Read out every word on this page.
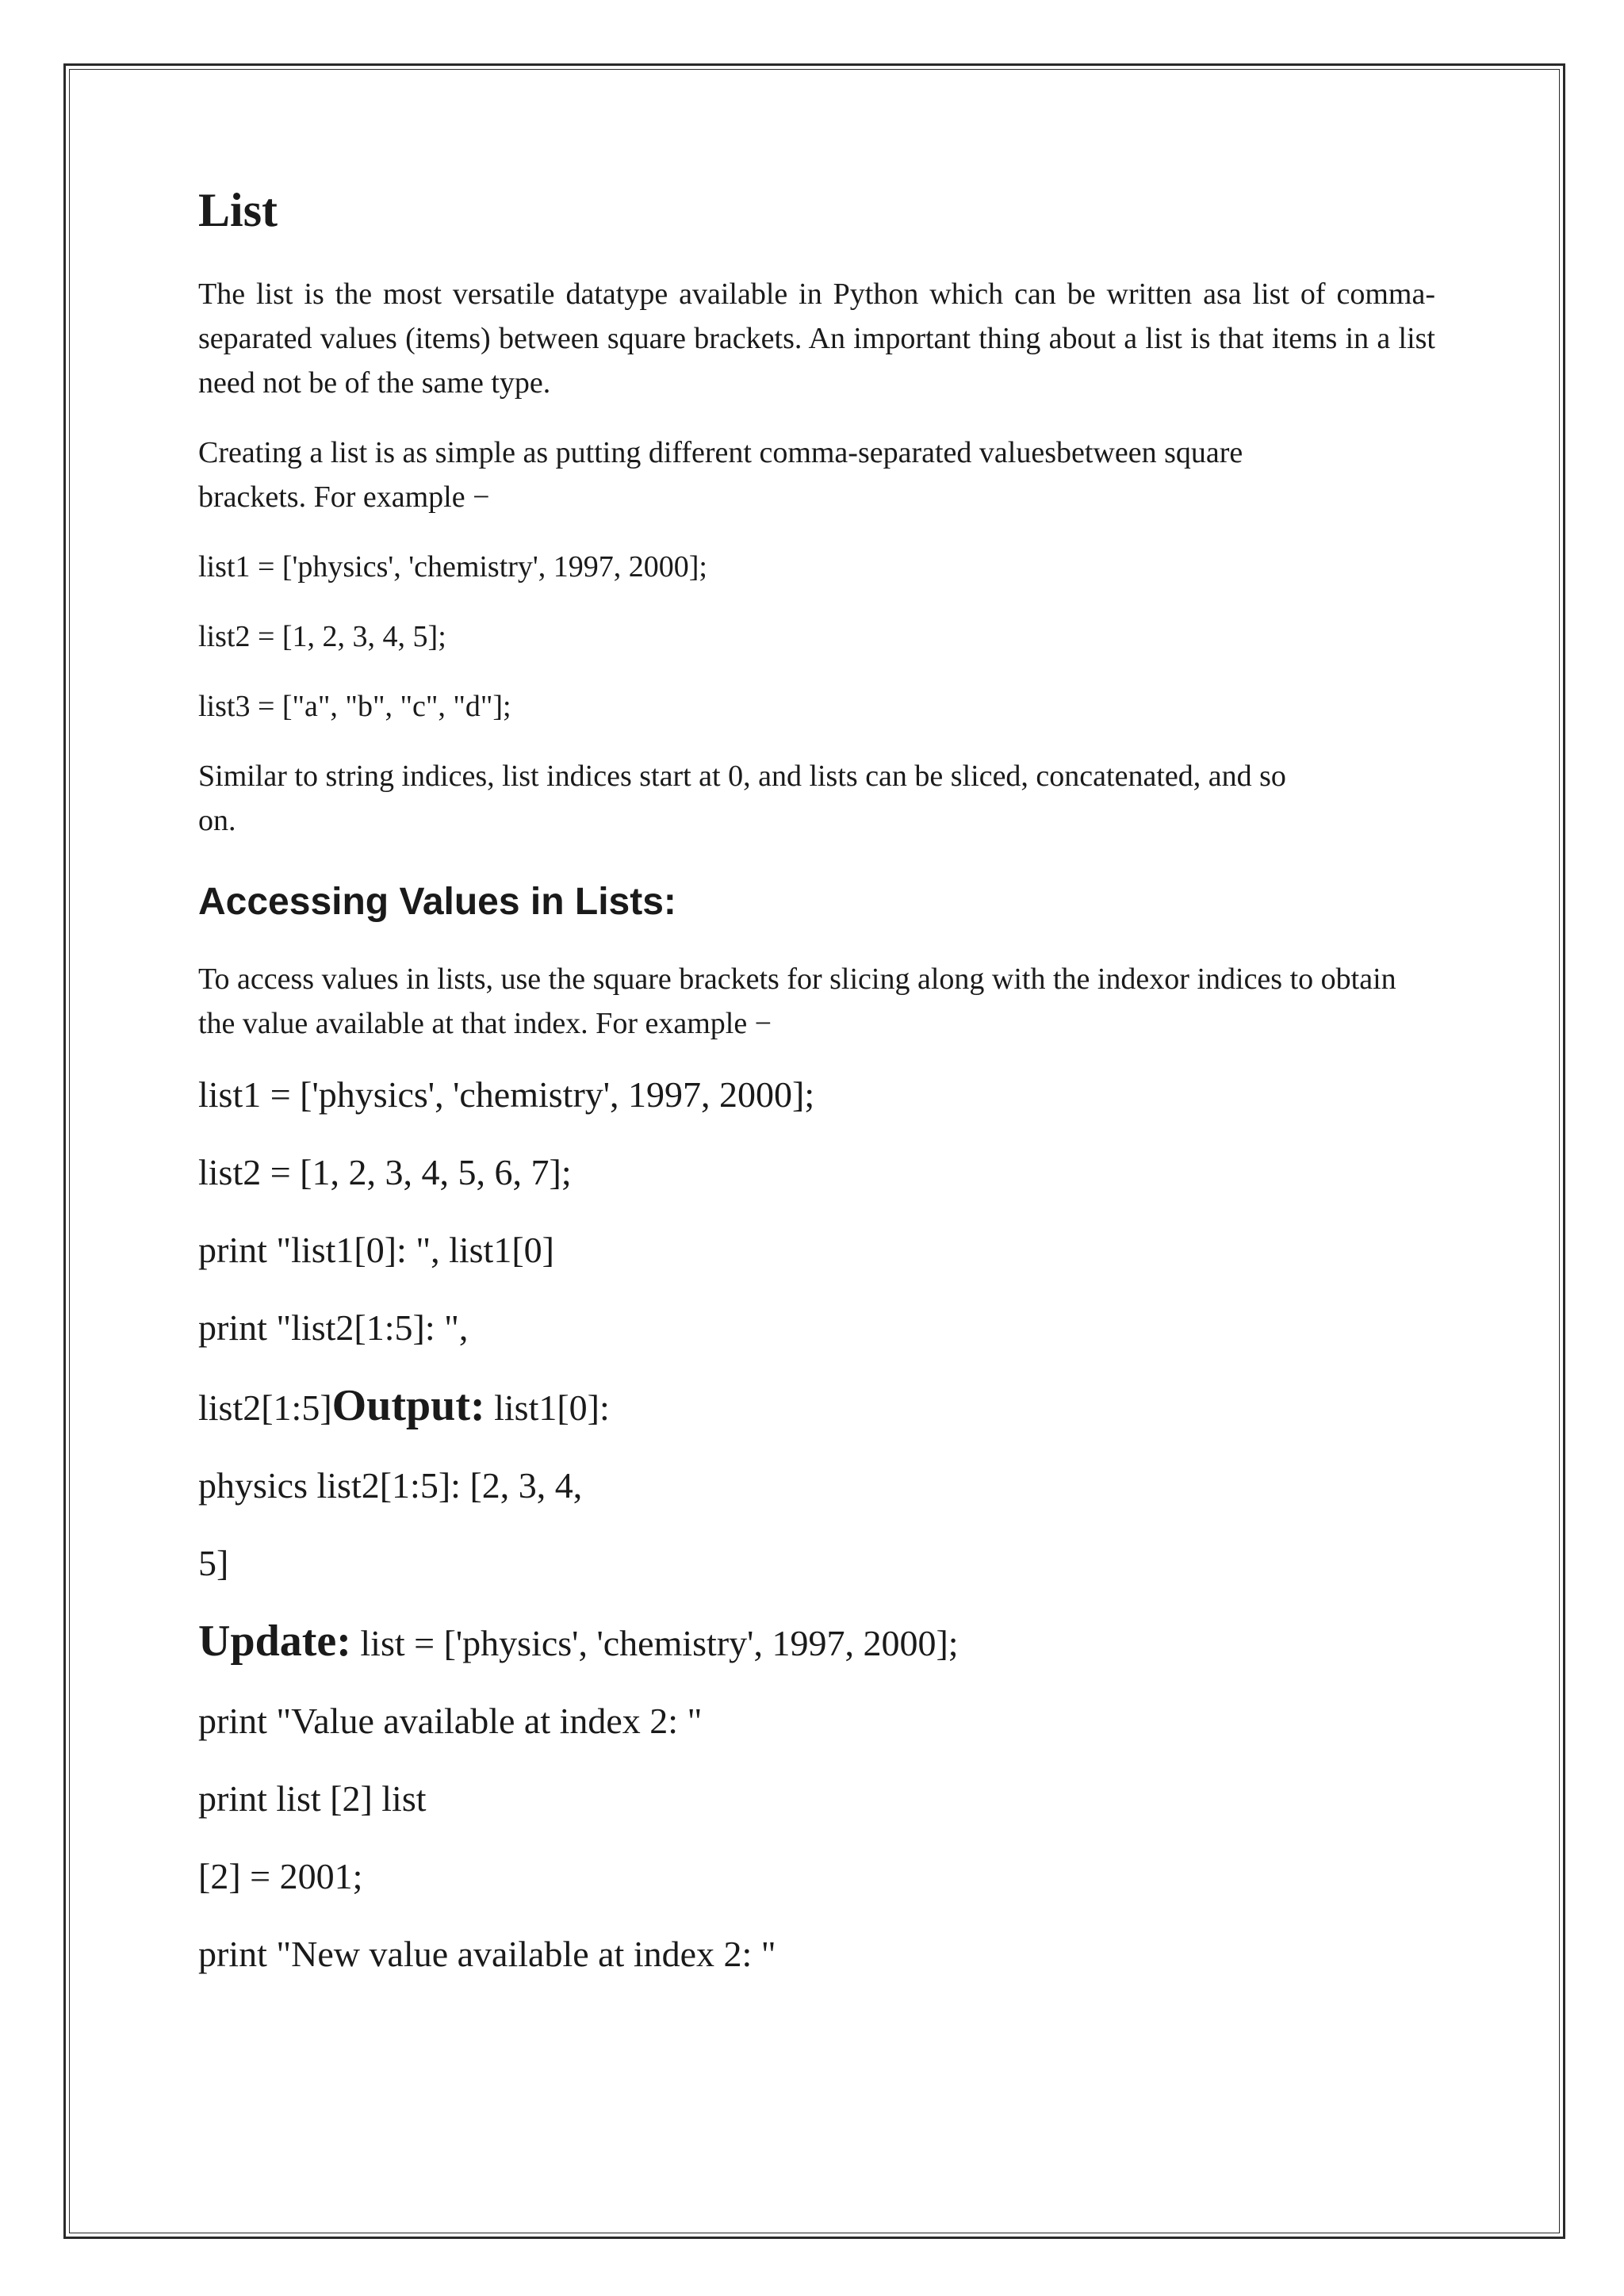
List

The list is the most versatile datatype available in Python which can be written asa list of comma-separated values (items) between square brackets. An important thing about a list is that items in a list need not be of the same type.

Creating a list is as simple as putting different comma-separated valuesbetween square brackets. For example −

list1 = ['physics', 'chemistry', 1997, 2000];
list2 = [1, 2, 3, 4, 5];
list3 = ["a", "b", "c", "d"];

Similar to string indices, list indices start at 0, and lists can be sliced, concatenated, and so on.

Accessing Values in Lists:

To access values in lists, use the square brackets for slicing along with the indexor indices to obtain the value available at that index. For example −

list1 = ['physics', 'chemistry', 1997, 2000];
list2 = [1, 2, 3, 4, 5, 6, 7];
print "list1[0]: ", list1[0]
print "list2[1:5]: ",
list2[1:5]Output: list1[0]:
physics list2[1:5]: [2, 3, 4,
5]
Update: list = ['physics', 'chemistry', 1997, 2000];
print "Value available at index 2: "
print list [2] list
[2] = 2001;
print "New value available at index 2: "
